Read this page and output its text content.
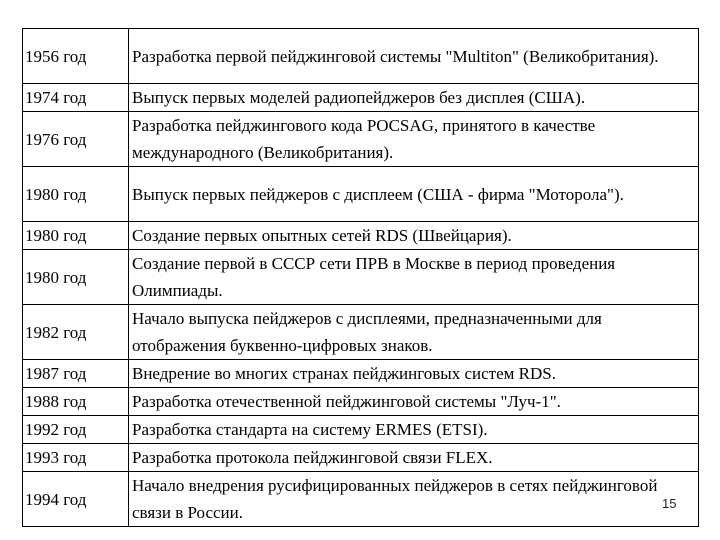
1956 год	Разработка первой пейджинговой системы "Multiton" (Великобритания).
1974 год	Выпуск первых моделей радиопейджеров без дисплея (США).
1976 год	Разработка пейджингового кода POCSAG, принятого в качестве международного (Великобритания).
1980 год	Выпуск первых пейджеров с дисплеем (США - фирма "Моторола").
1980 год	Создание первых опытных сетей RDS (Швейцария).
1980 год	Создание первой в СССР сети ПРВ в Москве в период проведения Олимпиады.
1982 год	Начало выпуска пейджеров с дисплеями, предназначенными для отображения буквенно-цифровых знаков.
1987 год	Внедрение во многих странах пейджинговых систем RDS.
1988 год	Разработка отечественной пейджинговой системы "Луч-1".
1992 год	Разработка стандарта на систему ERMES (ETSI).
1993 год	Разработка протокола пейджинговой связи FLEX.
1994 год	Начало внедрения русифицированных пейджеров в сетях пейджинговой связи в России.	15
